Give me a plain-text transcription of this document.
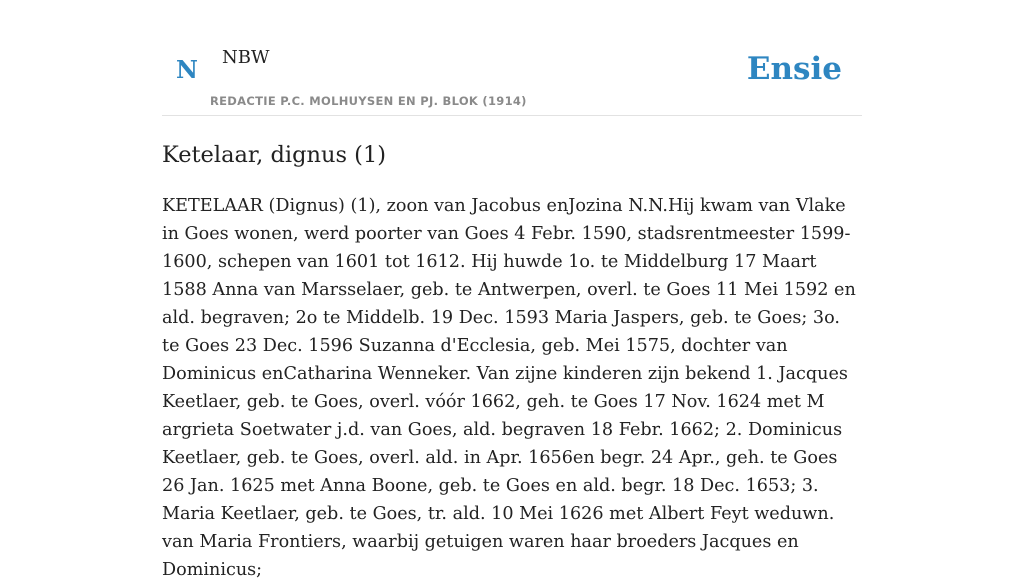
N NBW
REDACTIE P.C. MOLHUYSEN EN PJ. BLOK (1914)
Ensie
Ketelaar, dignus (1)

KETELAAR (Dignus) (1), zoon van Jacobus enJozina N.N.Hij kwam van Vlake in Goes wonen, werd poorter van Goes 4 Febr. 1590, stadsrentmeester 1599-1600, schepen van 1601 tot 1612. Hij huwde 1o. te Middelburg 17 Maart 1588 Anna van Marsselaer, geb. te Antwerpen, overl. te Goes 11 Mei 1592 en ald. begraven; 2o te Middelb. 19 Dec. 1593 Maria Jaspers, geb. te Goes; 3o. te Goes 23 Dec. 1596 Suzanna d'Ecclesia, geb. Mei 1575, dochter van Dominicus enCatharina Wenneker. Van zijne kinderen zijn bekend 1. Jacques Keetlaer, geb. te Goes, overl. vóór 1662, geh. te Goes 17 Nov. 1624 met M argrieta Soetwater j.d. van Goes, ald. begraven 18 Febr. 1662; 2. Dominicus Keetlaer, geb. te Goes, overl. ald. in Apr. 1656en begr. 24 Apr., geh. te Goes 26 Jan. 1625 met Anna Boone, geb. te Goes en ald. begr. 18 Dec. 1653; 3. Maria Keetlaer, geb. te Goes, tr. ald. 10 Mei 1626 met Albert Feyt weduwn. van Maria Frontiers, waarbij getuigen waren haar broeders Jacques en Dominicus;
